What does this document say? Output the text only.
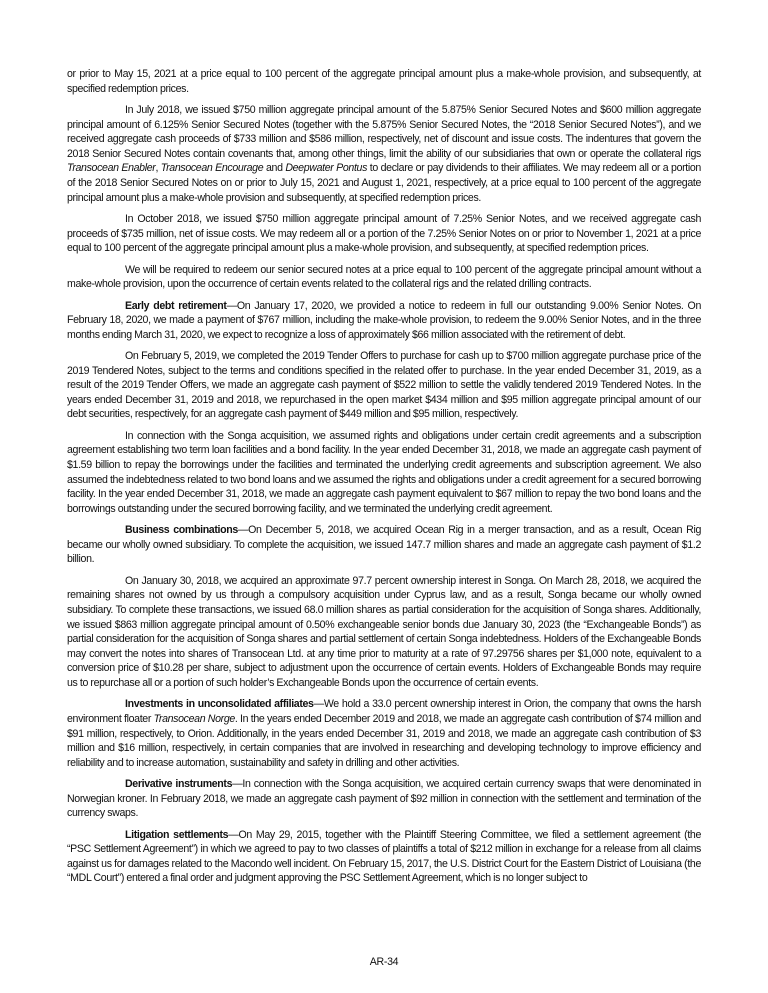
or prior to May 15, 2021 at a price equal to 100 percent of the aggregate principal amount plus a make-whole provision, and subsequently, at specified redemption prices.

In July 2018, we issued $750 million aggregate principal amount of the 5.875% Senior Secured Notes and $600 million aggregate principal amount of 6.125% Senior Secured Notes (together with the 5.875% Senior Secured Notes, the “2018 Senior Secured Notes”), and we received aggregate cash proceeds of $733 million and $586 million, respectively, net of discount and issue costs. The indentures that govern the 2018 Senior Secured Notes contain covenants that, among other things, limit the ability of our subsidiaries that own or operate the collateral rigs Transocean Enabler, Transocean Encourage and Deepwater Pontus to declare or pay dividends to their affiliates. We may redeem all or a portion of the 2018 Senior Secured Notes on or prior to July 15, 2021 and August 1, 2021, respectively, at a price equal to 100 percent of the aggregate principal amount plus a make-whole provision and subsequently, at specified redemption prices.

In October 2018, we issued $750 million aggregate principal amount of 7.25% Senior Notes, and we received aggregate cash proceeds of $735 million, net of issue costs. We may redeem all or a portion of the 7.25% Senior Notes on or prior to November 1, 2021 at a price equal to 100 percent of the aggregate principal amount plus a make-whole provision, and subsequently, at specified redemption prices.

We will be required to redeem our senior secured notes at a price equal to 100 percent of the aggregate principal amount without a make-whole provision, upon the occurrence of certain events related to the collateral rigs and the related drilling contracts.

Early debt retirement—On January 17, 2020, we provided a notice to redeem in full our outstanding 9.00% Senior Notes. On February 18, 2020, we made a payment of $767 million, including the make-whole provision, to redeem the 9.00% Senior Notes, and in the three months ending March 31, 2020, we expect to recognize a loss of approximately $66 million associated with the retirement of debt.

On February 5, 2019, we completed the 2019 Tender Offers to purchase for cash up to $700 million aggregate purchase price of the 2019 Tendered Notes, subject to the terms and conditions specified in the related offer to purchase. In the year ended December 31, 2019, as a result of the 2019 Tender Offers, we made an aggregate cash payment of $522 million to settle the validly tendered 2019 Tendered Notes. In the years ended December 31, 2019 and 2018, we repurchased in the open market $434 million and $95 million aggregate principal amount of our debt securities, respectively, for an aggregate cash payment of $449 million and $95 million, respectively.

In connection with the Songa acquisition, we assumed rights and obligations under certain credit agreements and a subscription agreement establishing two term loan facilities and a bond facility. In the year ended December 31, 2018, we made an aggregate cash payment of $1.59 billion to repay the borrowings under the facilities and terminated the underlying credit agreements and subscription agreement. We also assumed the indebtedness related to two bond loans and we assumed the rights and obligations under a credit agreement for a secured borrowing facility. In the year ended December 31, 2018, we made an aggregate cash payment equivalent to $67 million to repay the two bond loans and the borrowings outstanding under the secured borrowing facility, and we terminated the underlying credit agreement.

Business combinations—On December 5, 2018, we acquired Ocean Rig in a merger transaction, and as a result, Ocean Rig became our wholly owned subsidiary. To complete the acquisition, we issued 147.7 million shares and made an aggregate cash payment of $1.2 billion.

On January 30, 2018, we acquired an approximate 97.7 percent ownership interest in Songa. On March 28, 2018, we acquired the remaining shares not owned by us through a compulsory acquisition under Cyprus law, and as a result, Songa became our wholly owned subsidiary. To complete these transactions, we issued 68.0 million shares as partial consideration for the acquisition of Songa shares. Additionally, we issued $863 million aggregate principal amount of 0.50% exchangeable senior bonds due January 30, 2023 (the “Exchangeable Bonds”) as partial consideration for the acquisition of Songa shares and partial settlement of certain Songa indebtedness. Holders of the Exchangeable Bonds may convert the notes into shares of Transocean Ltd. at any time prior to maturity at a rate of 97.29756 shares per $1,000 note, equivalent to a conversion price of $10.28 per share, subject to adjustment upon the occurrence of certain events. Holders of Exchangeable Bonds may require us to repurchase all or a portion of such holder’s Exchangeable Bonds upon the occurrence of certain events.

Investments in unconsolidated affiliates—We hold a 33.0 percent ownership interest in Orion, the company that owns the harsh environment floater Transocean Norge. In the years ended December 2019 and 2018, we made an aggregate cash contribution of $74 million and $91 million, respectively, to Orion. Additionally, in the years ended December 31, 2019 and 2018, we made an aggregate cash contribution of $3 million and $16 million, respectively, in certain companies that are involved in researching and developing technology to improve efficiency and reliability and to increase automation, sustainability and safety in drilling and other activities.

Derivative instruments—In connection with the Songa acquisition, we acquired certain currency swaps that were denominated in Norwegian kroner. In February 2018, we made an aggregate cash payment of $92 million in connection with the settlement and termination of the currency swaps.

Litigation settlements—On May 29, 2015, together with the Plaintiff Steering Committee, we filed a settlement agreement (the “PSC Settlement Agreement”) in which we agreed to pay to two classes of plaintiffs a total of $212 million in exchange for a release from all claims against us for damages related to the Macondo well incident. On February 15, 2017, the U.S. District Court for the Eastern District of Louisiana (the “MDL Court”) entered a final order and judgment approving the PSC Settlement Agreement, which is no longer subject to

AR-34
